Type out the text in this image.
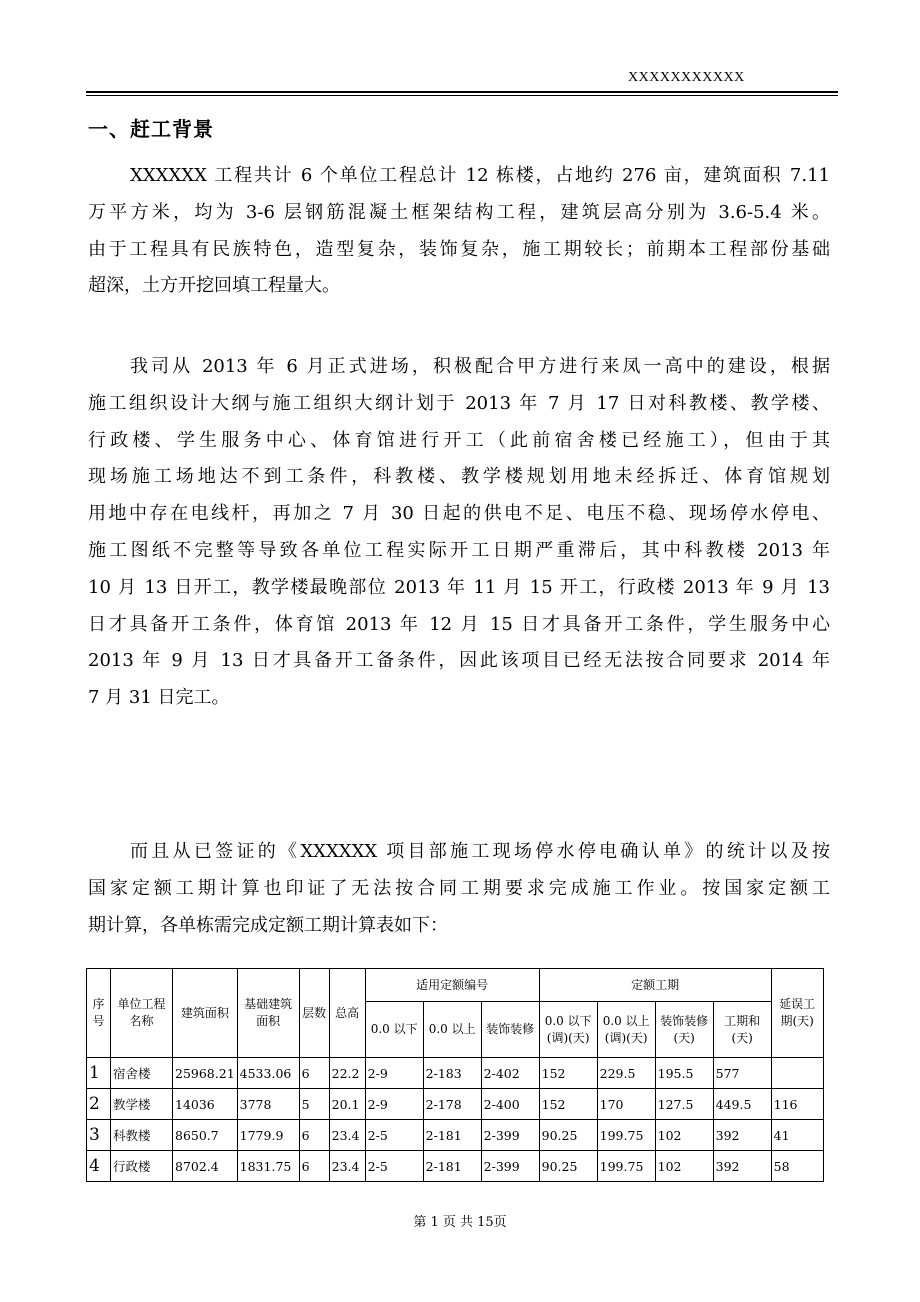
XXXXXXXXXXX
一、赶工背景
XXXXXX 工程共计 6 个单位工程总计 12 栋楼，占地约 276 亩，建筑面积 7.11
万平方米，均为 3-6 层钢筋混凝土框架结构工程，建筑层高分别为 3.6-5.4 米。
由于工程具有民族特色，造型复杂，装饰复杂，施工期较长；前期本工程部份基础
超深，土方开挖回填工程量大。
我司从 2013 年 6 月正式进场，积极配合甲方进行来凤一高中的建设，根据
施工组织设计大纲与施工组织大纲计划于 2013 年 7 月 17 日对科教楼、教学楼、
行政楼、学生服务中心、体育馆进行开工（此前宿舍楼已经施工），但由于其
现场施工场地达不到工条件，科教楼、教学楼规划用地未经拆迁、体育馆规划
用地中存在电线杆，再加之 7 月 30 日起的供电不足、电压不稳、现场停水停电、
施工图纸不完整等导致各单位工程实际开工日期严重滞后，其中科教楼 2013 年
10 月 13 日开工，教学楼最晚部位 2013 年 11 月 15 开工，行政楼 2013 年 9 月 13
日才具备开工条件，体育馆 2013 年 12 月 15 日才具备开工条件，学生服务中心
2013 年 9 月 13 日才具备开工备条件，因此该项目已经无法按合同要求 2014 年
7 月 31 日完工。
而且从已签证的《XXXXXX 项目部施工现场停水停电确认单》的统计以及按
国家定额工期计算也印证了无法按合同工期要求完成施工作业。按国家定额工
期计算，各单栋需完成定额工期计算表如下：
序号	单位工程名称	建筑面积	基础建筑面积	层数	总高	适用定额编号			定额工期				延误工期(天)
						0.0 以下	0.0 以上	装饰装修	0.0 以下(调)(天)	0.0 以上(调)(天)	装饰装修(天)	工期和(天)	
1	宿舍楼	25968.21	4533.06	6	22.2	2-9	2-183	2-402	152	229.5	195.5	577	
2	教学楼	14036	3778	5	20.1	2-9	2-178	2-400	152	170	127.5	449.5	116
3	科教楼	8650.7	1779.9	6	23.4	2-5	2-181	2-399	90.25	199.75	102	392	41
4	行政楼	8702.4	1831.75	6	23.4	2-5	2-181	2-399	90.25	199.75	102	392	58
第 1 页 共 15页
